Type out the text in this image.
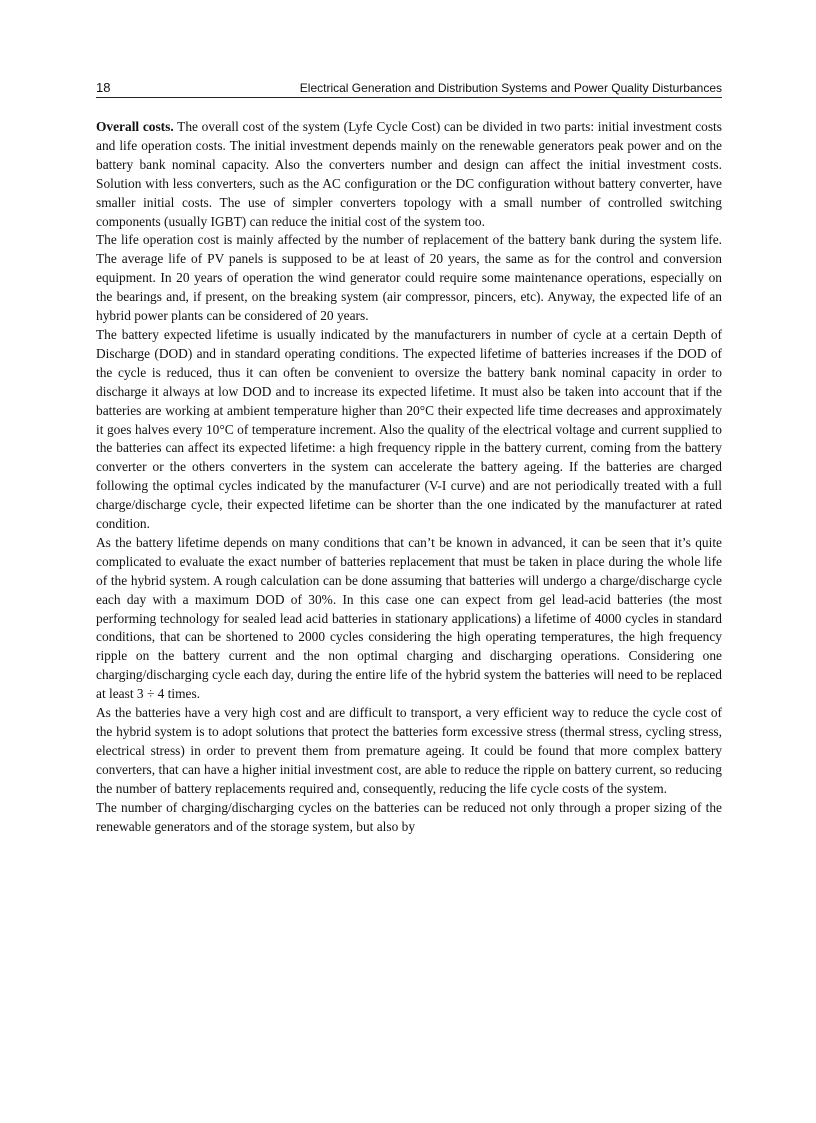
18	Electrical Generation and Distribution Systems and Power Quality Disturbances

Overall costs. The overall cost of the system (Lyfe Cycle Cost) can be divided in two parts: initial investment costs and life operation costs. The initial investment depends mainly on the renewable generators peak power and on the battery bank nominal capacity. Also the converters number and design can affect the initial investment costs. Solution with less converters, such as the AC configuration or the DC configuration without battery converter, have smaller initial costs. The use of simpler converters topology with a small number of controlled switching components (usually IGBT) can reduce the initial cost of the system too.

The life operation cost is mainly affected by the number of replacement of the battery bank during the system life. The average life of PV panels is supposed to be at least of 20 years, the same as for the control and conversion equipment. In 20 years of operation the wind generator could require some maintenance operations, especially on the bearings and, if present, on the breaking system (air compressor, pincers, etc). Anyway, the expected life of an hybrid power plants can be considered of 20 years.

The battery expected lifetime is usually indicated by the manufacturers in number of cycle at a certain Depth of Discharge (DOD) and in standard operating conditions. The expected lifetime of batteries increases if the DOD of the cycle is reduced, thus it can often be convenient to oversize the battery bank nominal capacity in order to discharge it always at low DOD and to increase its expected lifetime. It must also be taken into account that if the batteries are working at ambient temperature higher than 20°C their expected life time decreases and approximately it goes halves every 10°C of temperature increment. Also the quality of the electrical voltage and current supplied to the batteries can affect its expected lifetime: a high frequency ripple in the battery current, coming from the battery converter or the others converters in the system can accelerate the battery ageing. If the batteries are charged following the optimal cycles indicated by the manufacturer (V-I curve) and are not periodically treated with a full charge/discharge cycle, their expected lifetime can be shorter than the one indicated by the manufacturer at rated condition.

As the battery lifetime depends on many conditions that can’t be known in advanced, it can be seen that it’s quite complicated to evaluate the exact number of batteries replacement that must be taken in place during the whole life of the hybrid system. A rough calculation can be done assuming that batteries will undergo a charge/discharge cycle each day with a maximum DOD of 30%. In this case one can expect from gel lead-acid batteries (the most performing technology for sealed lead acid batteries in stationary applications) a lifetime of 4000 cycles in standard conditions, that can be shortened to 2000 cycles considering the high operating temperatures, the high frequency ripple on the battery current and the non optimal charging and discharging operations. Considering one charging/discharging cycle each day, during the entire life of the hybrid system the batteries will need to be replaced at least 3 ÷ 4 times.

As the batteries have a very high cost and are difficult to transport, a very efficient way to reduce the cycle cost of the hybrid system is to adopt solutions that protect the batteries form excessive stress (thermal stress, cycling stress, electrical stress) in order to prevent them from premature ageing. It could be found that more complex battery converters, that can have a higher initial investment cost, are able to reduce the ripple on battery current, so reducing the number of battery replacements required and, consequently, reducing the life cycle costs of the system.

The number of charging/discharging cycles on the batteries can be reduced not only through a proper sizing of the renewable generators and of the storage system, but also by
